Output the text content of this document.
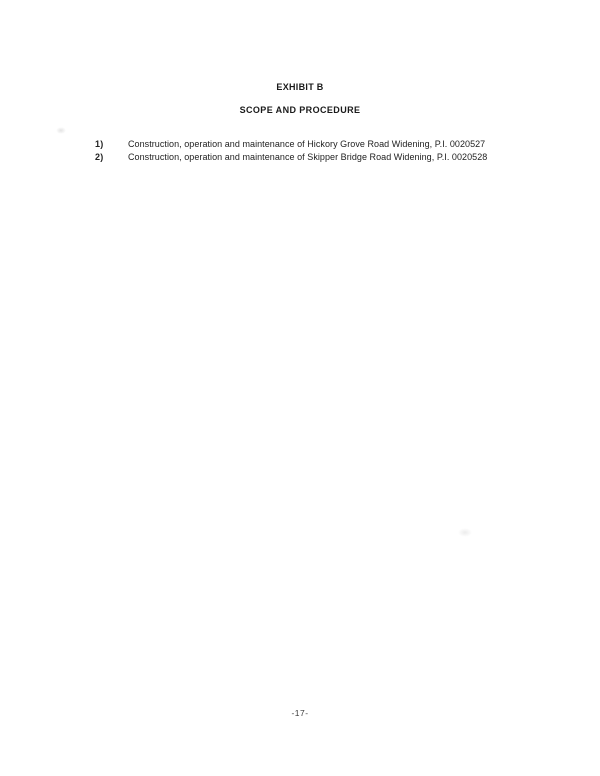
EXHIBIT B
SCOPE AND PROCEDURE
1)	Construction, operation and maintenance of Hickory Grove Road Widening, P.I. 0020527
2)	Construction, operation and maintenance of Skipper Bridge Road Widening, P.I. 0020528
-17-
